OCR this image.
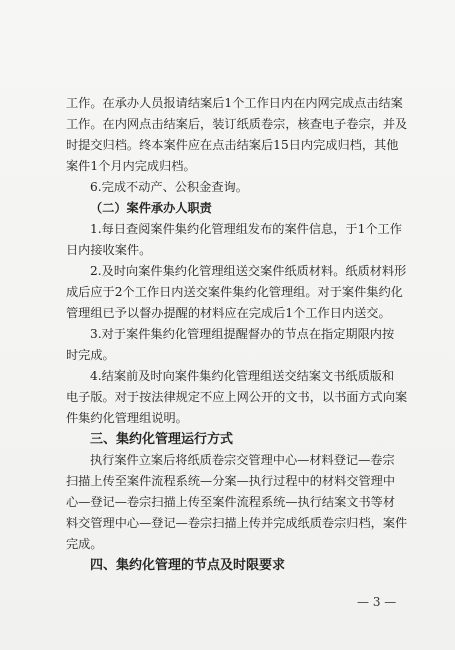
工作。在承办人员报请结案后1个工作日内在内网完成点击结案
工作。在内网点击结案后，装订纸质卷宗，核查电子卷宗，并及
时提交归档。终本案件应在点击结案后15日内完成归档，其他
案件1个月内完成归档。
6.完成不动产、公积金查询。
（二）案件承办人职责
1.每日查阅案件集约化管理组发布的案件信息，于1个工作
日内接收案件。
2.及时向案件集约化管理组送交案件纸质材料。纸质材料形
成后应于2个工作日内送交案件集约化管理组。对于案件集约化
管理组已予以督办提醒的材料应在完成后1个工作日内送交。
3.对于案件集约化管理组提醒督办的节点在指定期限内按
时完成。
4.结案前及时向案件集约化管理组送交结案文书纸质版和
电子版。对于按法律规定不应上网公开的文书，以书面方式向案
件集约化管理组说明。
三、集约化管理运行方式
执行案件立案后将纸质卷宗交管理中心—材料登记—卷宗
扫描上传至案件流程系统—分案—执行过程中的材料交管理中
心—登记—卷宗扫描上传至案件流程系统—执行结案文书等材
料交管理中心—登记—卷宗扫描上传并完成纸质卷宗归档，案件
完成。
四、集约化管理的节点及时限要求
— 3 —
